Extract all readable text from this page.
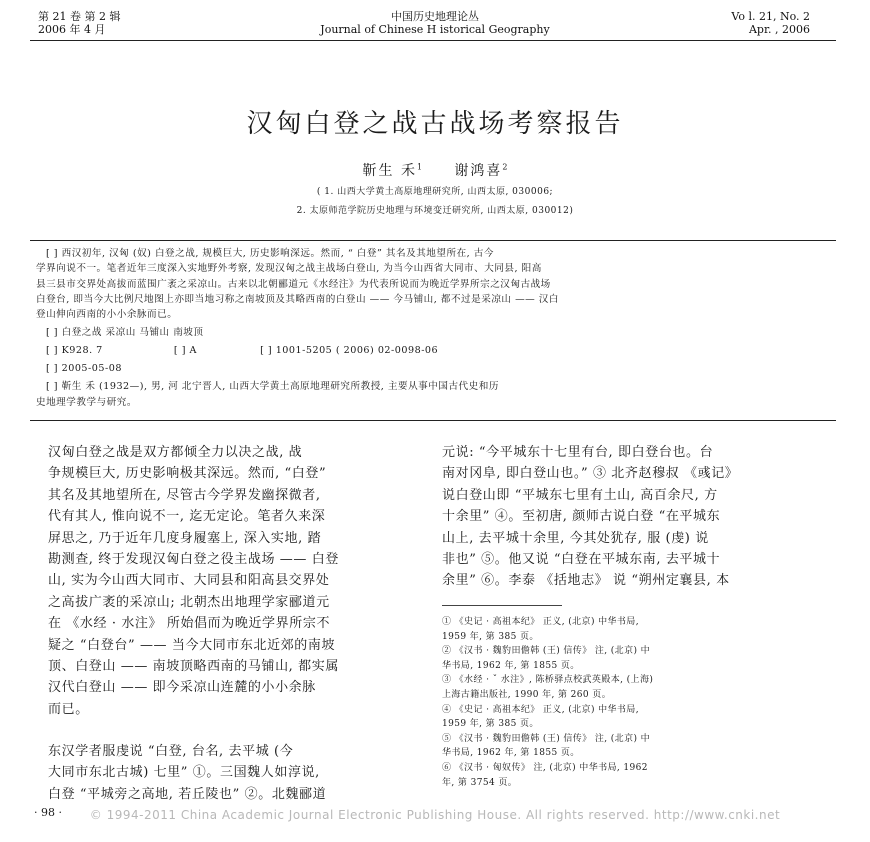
第 21 卷 第 2 辑
2006 年 4 月
中国历史地理论丛
Journal of Chinese H istorical Geography
Vo l. 21, No. 2
Apr. , 2006
汉匈白登之战古战场考察报告
靳生 禾$^1$ 谢鸿喜$^2$
( 1. 山西大学黄土高原地理研究所, 山西太原, 030006;
2. 太原师范学院历史地理与环境变迁研究所, 山西太原, 030012)
[ ] 西汉初年, 汉匈 (奴) 白登之战, 规模巨大, 历史影响深远。然而, “ 白登” 其名及其地望所在, 古今
学界向说不一。笔者近年三度深入实地野外考察, 发现汉匈之战主战场白登山, 为当今山西省大同市、大同县, 阳高
县三县市交界处高拔而蓝围广袤之采凉山。古来以北朝郦道元《水经注》为代表所说而为晚近学界所宗之汉匈古战场
白登台, 即当今大比例尺地图上亦即当地习称之南坡顶及其略西南的白登山 —— 今马铺山, 都不过是采凉山 —— 汉白
登山伸向西南的小小余脉而已。
[ ] 白登之战 采凉山 马铺山 南坡顶
[ ] K928. 7	[ ] A	[ ] 1001-5205 ( 2006) 02-0098-06
[ ] 2005-05-08
[ ] 靳生 禾 (1932—), 男, 河 北宁晋人, 山西大学黄土高原地理研究所教授, 主要从事中国古代史和历
史地理学教学与研究。

汉匈白登之战是双方都倾全力以决之战, 战

争规模巨大, 历史影响极其深远。然而, “白登”

其名及其地望所在, 尽管古今学界发幽探微者,

代有其人, 惟向说不一, 迄无定论。笔者久来深

屏思之, 乃于近年几度身履塞上, 深入实地, 踏

勘测查, 终于发现汉匈白登之役主战场 —— 白登

山, 实为今山西大同市、大同县和阳高县交界处

之高拔广袤的采凉山; 北朝杰出地理学家郦道元

在 《水经 · 水注》 所始倡而为晚近学界所宗不

疑之 “白登台” —— 当今大同市东北近郊的南坡

顶、白登山 —— 南坡顶略西南的马铺山, 都实属

汉代白登山 —— 即今采凉山连麓的小小余脉

而已。

东汉学者服虔说 “白登, 台名, 去平城 (今

大同市东北古城) 七里” ①。三国魏人如淳说,

白登 “平城旁之高地, 若丘陵也” ②。北魏郦道

元说: “今平城东十七里有台, 即白登台也。台

南对冈阜, 即白登山也。” ③ 北齐赵穆叔 《彧记》

说白登山即 “平城东七里有土山, 高百余尺, 方

十余里” ④。至初唐, 颜师古说白登 “在平城东

山上, 去平城十余里, 今其处犹存, 服 (虔) 说

非也” ⑤。他又说 “白登在平城东南, 去平城十

余里” ⑥。李泰 《括地志》 说 “朔州定襄县, 本

① 《史记 · 高祖本纪》 正义, (北京) 中华书局,

1959 年, 第 385 页。

② 《汉书 · 魏豹田儋韩 (王) 信传》 注, (北京) 中

华书局, 1962 年, 第 1855 页。

③ 《水经 · ˇ 水注》, 陈桥驿点校武英殿本, (上海)

上海古籍出版社, 1990 年, 第 260 页。

④ 《史记 · 高祖本纪》 正义, (北京) 中华书局,

1959 年, 第 385 页。

⑤ 《汉书 · 魏豹田儋韩 (王) 信传》 注, (北京) 中

华书局, 1962 年, 第 1855 页。

⑥ 《汉书 · 匈奴传》 注, (北京) 中华书局, 1962

年, 第 3754 页。

· 98 ·	© 1994-2011 China Academic Journal Electronic Publishing House. All rights reserved. http://www.cnki.net
